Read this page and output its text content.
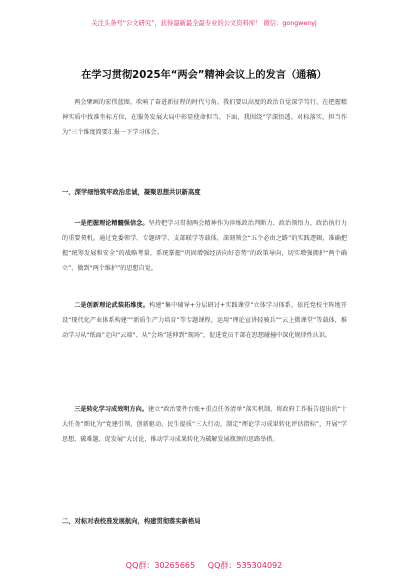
关注头条号“公文研究”，获得最新最全最专业的公文资料库！ 微信：gongwenyj
在学习贯彻2025年“两会”精神会议上的发言（通稿）
两会擘画的宏伟蓝图，吹响了奋进新征程的时代号角。我们要以高度的政治自觉深学笃行，在把握精神实质中找准坐标方位，在服务发展大局中彰显使命担当。下面，我围绕“学深悟透、对标落实、担当作为”三个维度简要汇报一下学习体会。
一、深学细悟筑牢政治忠诚，凝聚思想共识新高度
一是把握理论精髓强信念。坚持把学习贯彻两会精神作为淬炼政治判断力、政治领悟力、政治执行力的重要契机。通过党委领学、专题研学、支部联学等载体，深刻领会“五个必由之路”的实践逻辑，准确把握“统筹发展和安全”的战略考量，系统掌握“巩固增强经济向好态势”的政策导向，切实增强拥护“两个确立”、做到“两个维护”的思想自觉。
二是创新理论武装拓维度。构建“集中辅导+分层研讨+实践课堂”立体学习体系，依托党校主阵地开设“现代化产业体系构建”“新质生产力培育”等专题课程，运用“理论宣讲轻骑兵”“云上微课堂”等载体，推动学习从“纸面”走向“云端”、从“会场”延伸到“现场”，促进党员干部在思想碰撞中深化规律性认识。
三是转化学习成效明方向。建立“政治要件台账+重点任务清单”落实机制，将政府工作报告提出的“十大任务”细化为“党建引领、创新驱动、民生提质”三大行动，制定“理论学习成果转化评估指标”，开展“学思想、破难题、促发展”大讨论，推动学习成果转化为破解发展瓶颈的思路举措。
二、对标对表校准发展航向，构建贯彻落实新格局
QQ群：30265665     QQ群：535304092
